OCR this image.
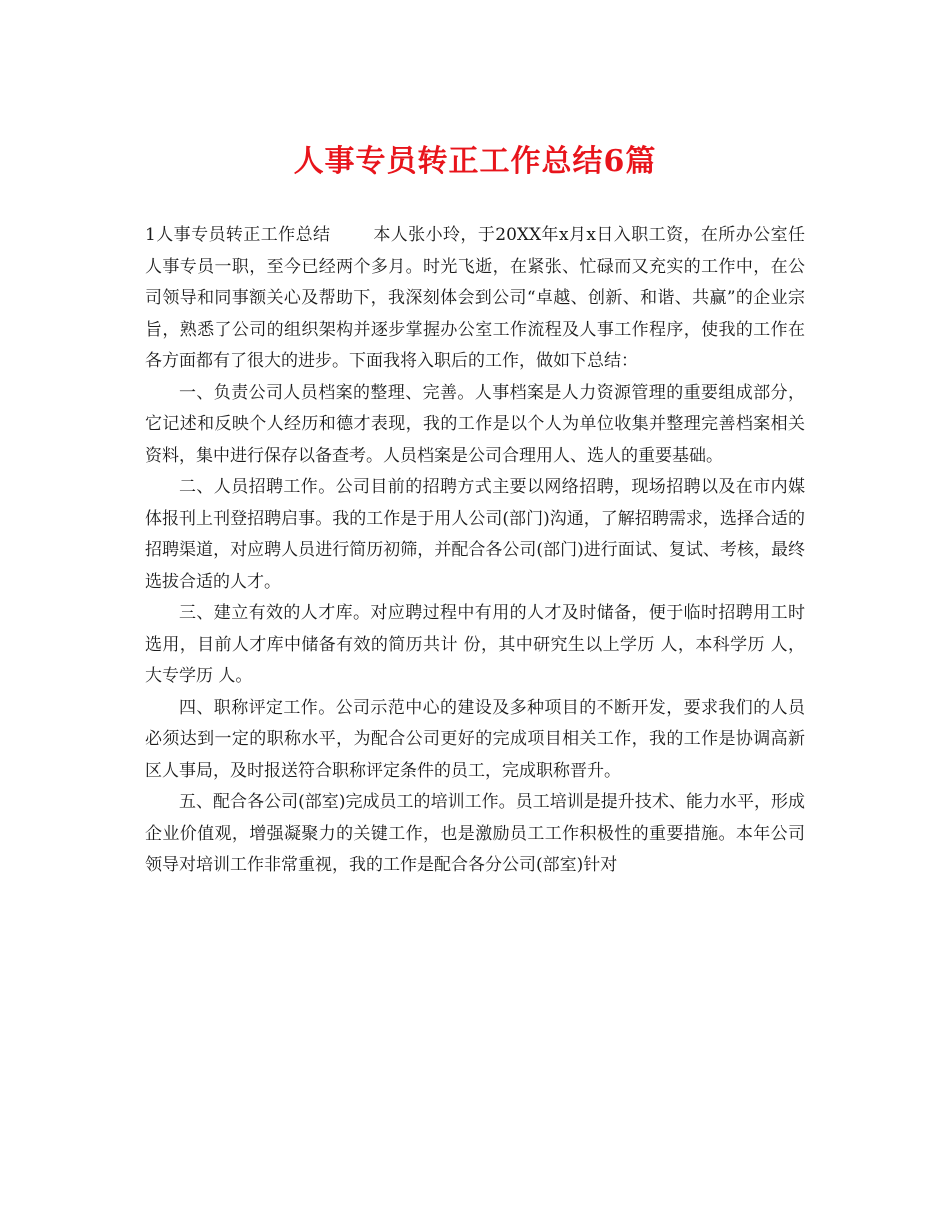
人事专员转正工作总结6篇

1人事专员转正工作总结   	本人张小玲，于20XX年x月x日入职工资，在所办公室任人事专员一职，至今已经两个多月。时光飞逝，在紧张、忙碌而又充实的工作中，在公司领导和同事额关心及帮助下，我深刻体会到公司“卓越、创新、和谐、共赢”的企业宗旨，熟悉了公司的组织架构并逐步掌握办公室工作流程及人事工作程序，使我的工作在各方面都有了很大的进步。下面我将入职后的工作，做如下总结：

一、负责公司人员档案的整理、完善。人事档案是人力资源管理的重要组成部分，它记述和反映个人经历和德才表现，我的工作是以个人为单位收集并整理完善档案相关资料，集中进行保存以备查考。人员档案是公司合理用人、选人的重要基础。

二、人员招聘工作。公司目前的招聘方式主要以网络招聘，现场招聘以及在市内媒体报刊上刊登招聘启事。我的工作是于用人公司(部门)沟通，了解招聘需求，选择合适的招聘渠道，对应聘人员进行简历初筛，并配合各公司(部门)进行面试、复试、考核，最终选拔合适的人才。

三、建立有效的人才库。对应聘过程中有用的人才及时储备，便于临时招聘用工时选用，目前人才库中储备有效的简历共计 份，其中研究生以上学历 人，本科学历 人，大专学历 人。

四、职称评定工作。公司示范中心的建设及多种项目的不断开发，要求我们的人员必须达到一定的职称水平，为配合公司更好的完成项目相关工作，我的工作是协调高新区人事局，及时报送符合职称评定条件的员工，完成职称晋升。

五、配合各公司(部室)完成员工的培训工作。员工培训是提升技术、能力水平，形成企业价值观，增强凝聚力的关键工作，也是激励员工工作积极性的重要措施。本年公司领导对培训工作非常重视，我的工作是配合各分公司(部室)针对
